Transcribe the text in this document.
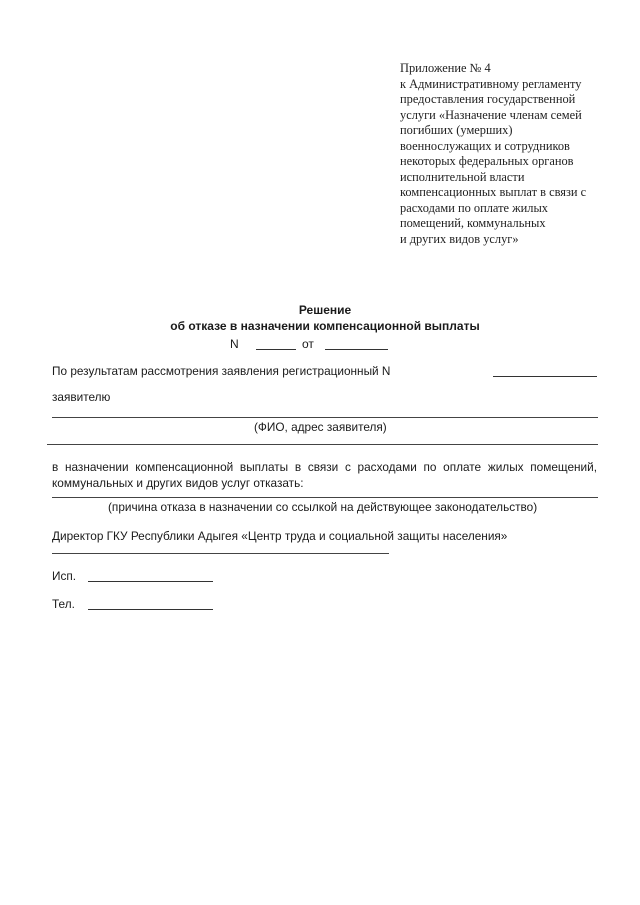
Приложение № 4
к Административному регламенту
предоставления государственной
услуги «Назначение членам семей
погибших (умерших)
военнослужащих и сотрудников
некоторых федеральных органов
исполнительной власти
компенсационных выплат в связи с
расходами по оплате жилых
помещений, коммунальных
и других видов услуг»
Решение
об отказе в назначении компенсационной выплаты
N	от
По результатам рассмотрения заявления регистрационный N
заявителю
(ФИО, адрес заявителя)
в назначении компенсационной выплаты в связи с расходами по оплате жилых помещений,
коммунальных и других видов услуг отказать:
(причина отказа в назначении со ссылкой на действующее законодательство)
Директор ГКУ Республики Адыгея «Центр труда и социальной защиты населения»
Исп.
Тел.
